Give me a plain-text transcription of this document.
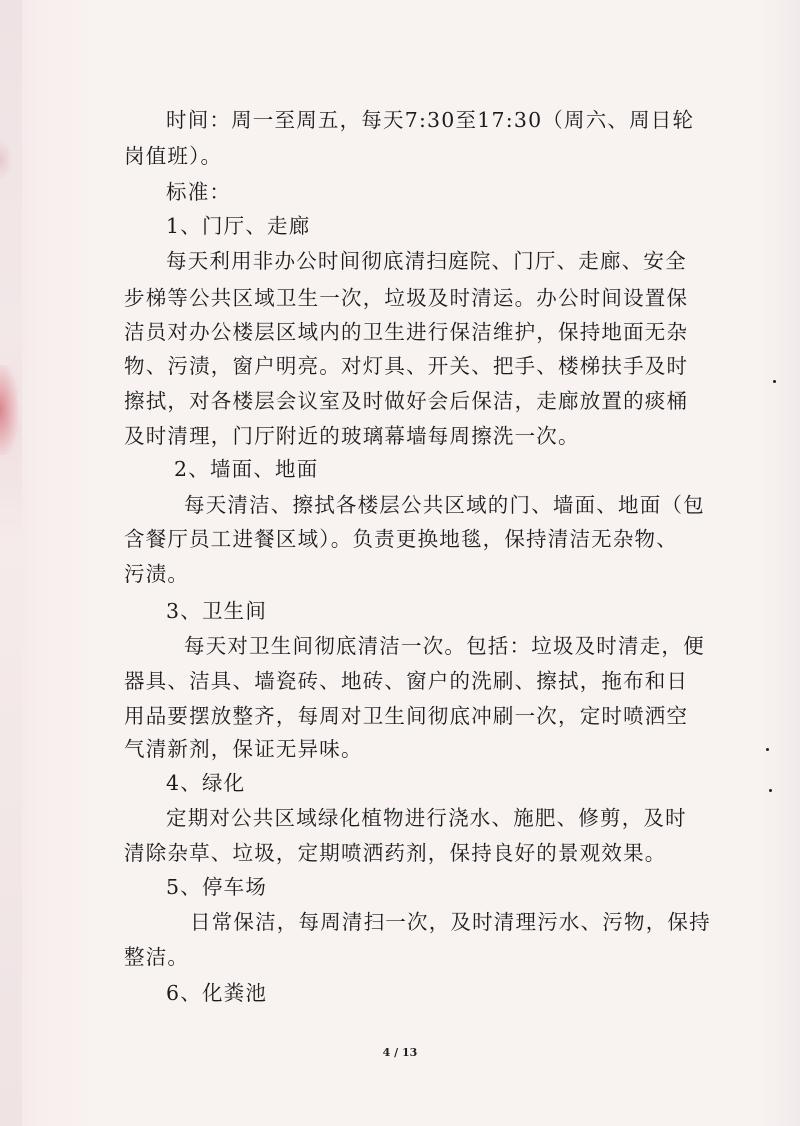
时间：周一至周五，每天7:30至17:30（周六、周日轮
岗值班）。
标准：
1、门厅、走廊
每天利用非办公时间彻底清扫庭院、门厅、走廊、安全
步梯等公共区域卫生一次，垃圾及时清运。办公时间设置保
洁员对办公楼层区域内的卫生进行保洁维护，保持地面无杂
物、污渍，窗户明亮。对灯具、开关、把手、楼梯扶手及时
擦拭，对各楼层会议室及时做好会后保洁，走廊放置的痰桶
及时清理，门厅附近的玻璃幕墙每周擦洗一次。
2、墙面、地面
每天清洁、擦拭各楼层公共区域的门、墙面、地面（包
含餐厅员工进餐区域）。负责更换地毯，保持清洁无杂物、
污渍。
3、卫生间
每天对卫生间彻底清洁一次。包括：垃圾及时清走，便
器具、洁具、墙瓷砖、地砖、窗户的洗刷、擦拭，拖布和日
用品要摆放整齐，每周对卫生间彻底冲刷一次，定时喷洒空
气清新剂，保证无异味。
4、绿化
定期对公共区域绿化植物进行浇水、施肥、修剪，及时
清除杂草、垃圾，定期喷洒药剂，保持良好的景观效果。
5、停车场
日常保洁，每周清扫一次，及时清理污水、污物，保持
整洁。
6、化粪池
4 / 13
